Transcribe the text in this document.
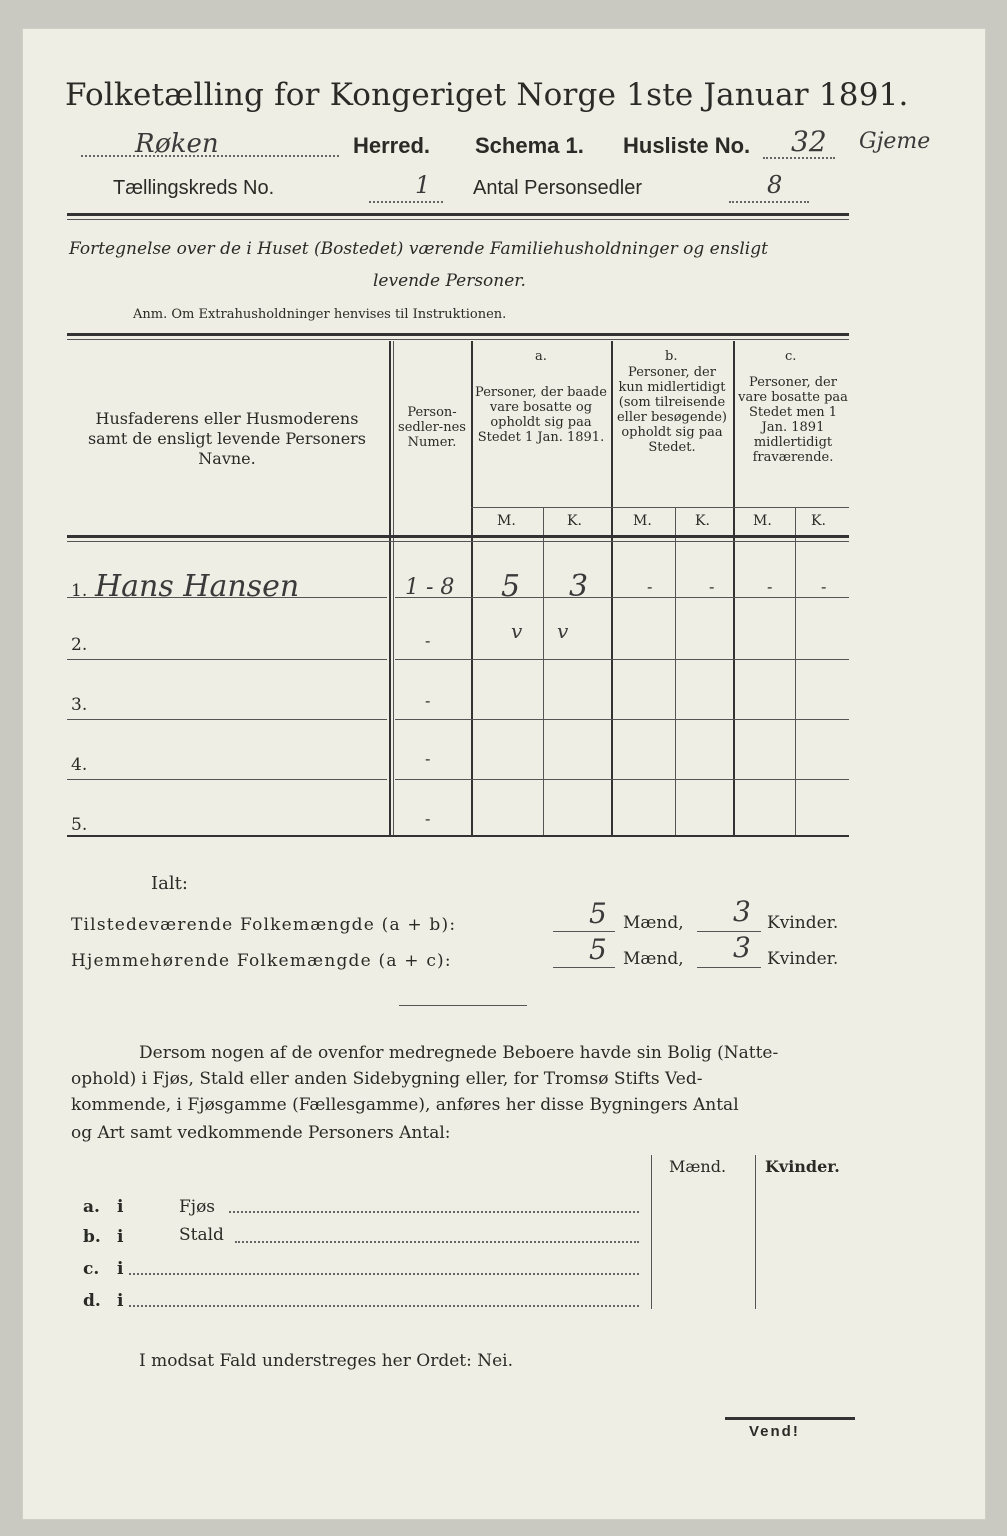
Folketælling for Kongeriget Norge 1ste Januar 1891.
Røken	Herred. Schema 1. Husliste No. 32 Gjeme
Tællingskreds No.	1 Antal Personsedler	8
Fortegnelse over de i Huset (Bostedet) værende Familiehusholdninger og ensligt
levende Personer.
Anm. Om Extrahusholdninger henvises til Instruktionen.
Husfaderens eller Husmoderens samt de ensligt levende Personers Navne.
Person-sedler-nes Numer.
a.
Personer, der baade vare bosatte og opholdt sig paa Stedet 1 Jan. 1891.
b.
Personer, der kun midlertidigt (som tilreisende eller besøgende) opholdt sig paa Stedet.
c.
Personer, der vare bosatte paa Stedet men 1 Jan. 1891 midlertidigt fraværende.
M.	K.	M.	K.	M.	K.
1. Hans Hansen	1 - 8 5 3	-	-	-	-
2.	-	v v
3.	-
4.	-
5.	-
Ialt:
Tilstedeværende Folkemængde (a + b):	5 Mænd, 3 Kvinder.
Hjemmehørende Folkemængde (a + c):	5 Mænd, 3 Kvinder.
Dersom nogen af de ovenfor medregnede Beboere havde sin Bolig (Natte-
ophold) i Fjøs, Stald eller anden Sidebygning eller, for Tromsø Stifts Ved-
kommende, i Fjøsgamme (Fællesgamme), anføres her disse Bygningers Antal
og Art samt vedkommende Personers Antal:
Mænd. Kvinder.
a. i	Fjøs
b. i	Stald
c. i
d. i
I modsat Fald understreges her Ordet: Nei.
Vend!
